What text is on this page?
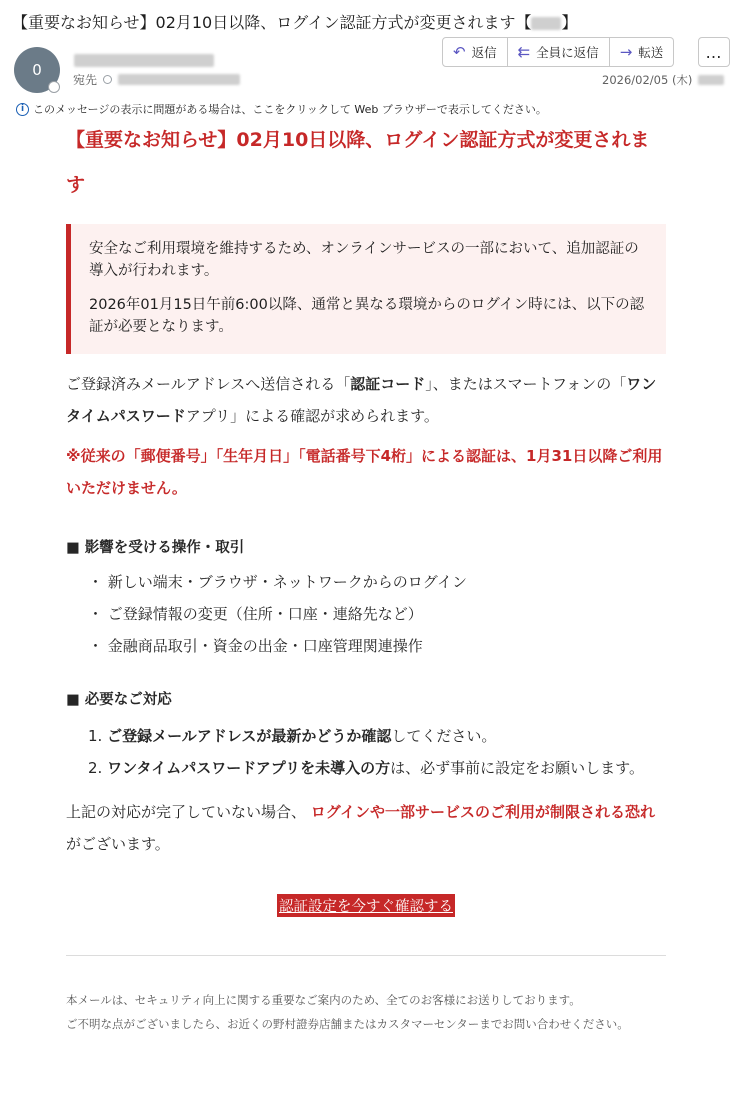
【重要なお知らせ】02月10日以降、ログイン認証方式が変更されます【 】
0
宛先
↶ 返信 ⇇ 全員に返信 → 転送	…
2026/02/05 (木)
i このメッセージの表示に問題がある場合は、ここをクリックして Web ブラウザーで表示してください。
【重要なお知らせ】02月10日以降、ログイン認証方式が変更されます

安全なご利用環境を維持するため、オンラインサービスの一部において、追加認証の導入が行われます。

2026年01月15日午前6:00以降、通常と異なる環境からのログイン時には、以下の認証が必要となります。

ご登録済みメールアドレスへ送信される「認証コード」、またはスマートフォンの「ワンタイムパスワードアプリ」による確認が求められます。

※従来の「郵便番号」「生年月日」「電話番号下4桁」による認証は、1月31日以降ご利用いただけません。

■ 影響を受ける操作・取引
・ 新しい端末・ブラウザ・ネットワークからのログイン
・ ご登録情報の変更（住所・口座・連絡先など）
・ 金融商品取引・資金の出金・口座管理関連操作
■ 必要なご対応
1. ご登録メールアドレスが最新かどうか確認してください。
2. ワンタイムパスワードアプリを未導入の方は、必ず事前に設定をお願いします。

上記の対応が完了していない場合、 ログインや一部サービスのご利用が制限される恐れ がございます。

認証設定を今すぐ確認する
本メールは、セキュリティ向上に関する重要なご案内のため、全てのお客様にお送りしております。
ご不明な点がございましたら、お近くの野村證券店舗またはカスタマーセンターまでお問い合わせください。
